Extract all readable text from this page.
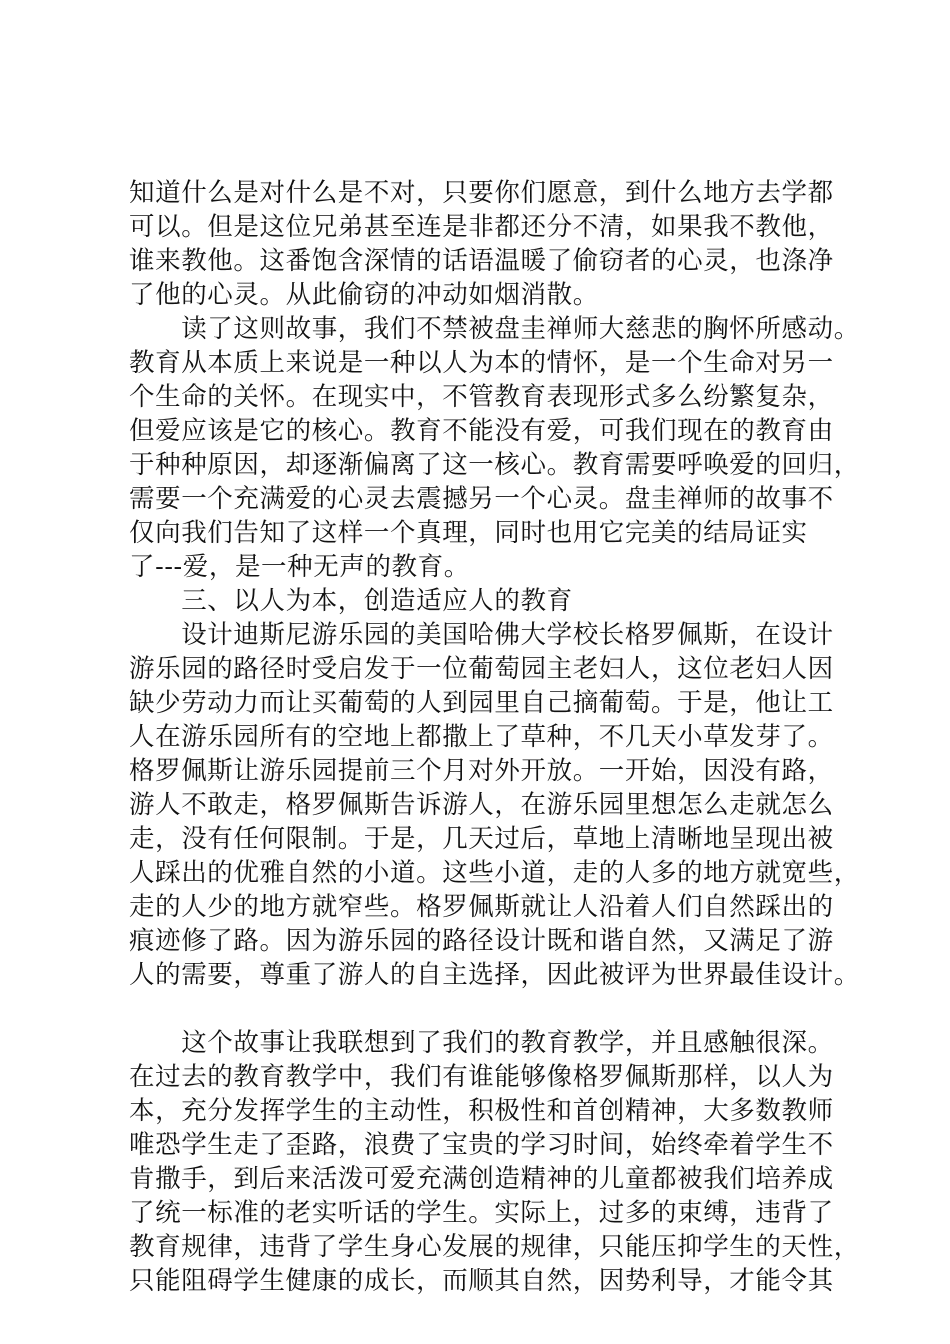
知道什么是对什么是不对，只要你们愿意，到什么地方去学都
可以。但是这位兄弟甚至连是非都还分不清，如果我不教他，
谁来教他。这番饱含深情的话语温暖了偷窃者的心灵，也涤净
了他的心灵。从此偷窃的冲动如烟消散。
　　读了这则故事，我们不禁被盘圭禅师大慈悲的胸怀所感动。
教育从本质上来说是一种以人为本的情怀，是一个生命对另一
个生命的关怀。在现实中，不管教育表现形式多么纷繁复杂，
但爱应该是它的核心。教育不能没有爱，可我们现在的教育由
于种种原因，却逐渐偏离了这一核心。教育需要呼唤爱的回归，
需要一个充满爱的心灵去震撼另一个心灵。盘圭禅师的故事不
仅向我们告知了这样一个真理，同时也用它完美的结局证实
了---爱，是一种无声的教育。
　　三、以人为本，创造适应人的教育
　　设计迪斯尼游乐园的美国哈佛大学校长格罗佩斯，在设计
游乐园的路径时受启发于一位葡萄园主老妇人，这位老妇人因
缺少劳动力而让买葡萄的人到园里自己摘葡萄。于是，他让工
人在游乐园所有的空地上都撒上了草种，不几天小草发芽了。
格罗佩斯让游乐园提前三个月对外开放。一开始，因没有路，
游人不敢走，格罗佩斯告诉游人，在游乐园里想怎么走就怎么
走，没有任何限制。于是，几天过后，草地上清晰地呈现出被
人踩出的优雅自然的小道。这些小道，走的人多的地方就宽些，
走的人少的地方就窄些。格罗佩斯就让人沿着人们自然踩出的
痕迹修了路。因为游乐园的路径设计既和谐自然，又满足了游
人的需要，尊重了游人的自主选择，因此被评为世界最佳设计。
　　这个故事让我联想到了我们的教育教学，并且感触很深。
在过去的教育教学中，我们有谁能够像格罗佩斯那样，以人为
本，充分发挥学生的主动性，积极性和首创精神，大多数教师
唯恐学生走了歪路，浪费了宝贵的学习时间，始终牵着学生不
肯撒手，到后来活泼可爱充满创造精神的儿童都被我们培养成
了统一标准的老实听话的学生。实际上，过多的束缚，违背了
教育规律，违背了学生身心发展的规律，只能压抑学生的天性，
只能阻碍学生健康的成长，而顺其自然，因势利导，才能令其
